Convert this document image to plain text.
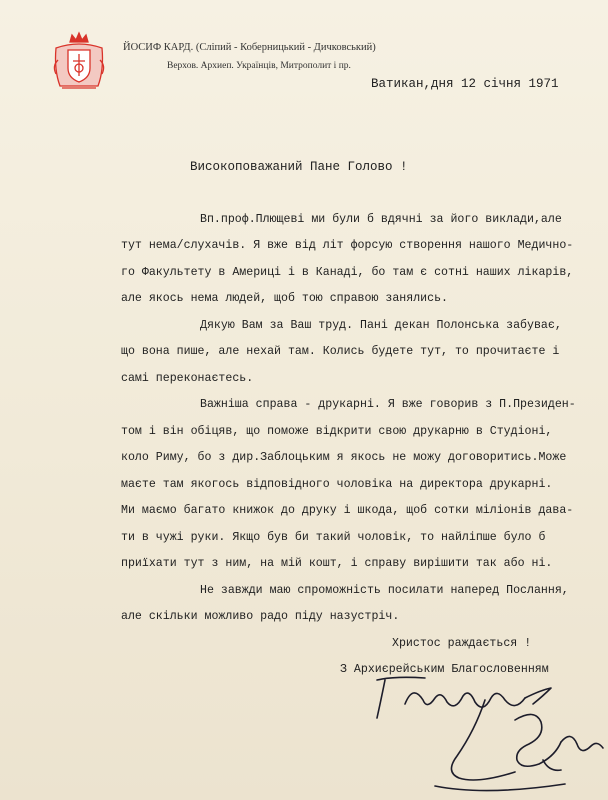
ЙОСИФ КАРД. (Сліпий - Коберницький - Дичковський)
Верхов. Архиеп. Українців, Митрополит і пр.
Ватикан,дня 12 січня 1971
Високоповажаний Пане Голово !
Вп.проф.Плющеві ми були б вдячні за його виклади,але
тут нема/слухачів. Я вже від літ форсую створення нашого Медично-
го Факультету в Америці і в Канаді, бо там є сотні наших лікарів,
але якось нема людей, щоб тою справою занялись.
Дякую Вам за Ваш труд. Пані декан Полонська забуває,
що вона пише, але нехай там. Колись будете тут, то прочитаєте і
самі переконаєтесь.
Важніша справа - друкарні. Я вже говорив з П.Президен-
том і він обіцяв, що поможе відкрити свою друкарню в Студіоні,
коло Риму, бо з дир.Заблоцьким я якось не можу договоритись.Може
маєте там якогось відповідного чоловіка на директора друкарні.
Ми маємо багато книжок до друку і шкода, щоб сотки міліонів дава-
ти в чужі руки. Якщо був би такий чоловік, то найліпше було б
приїхати тут з ним, на мій кошт, і справу вирішити так або ні.
Не завжди маю спроможність посилати наперед Послання,
але скільки можливо радо піду назустріч.
Христос раждається !
З Архиєрейським Благословенням
